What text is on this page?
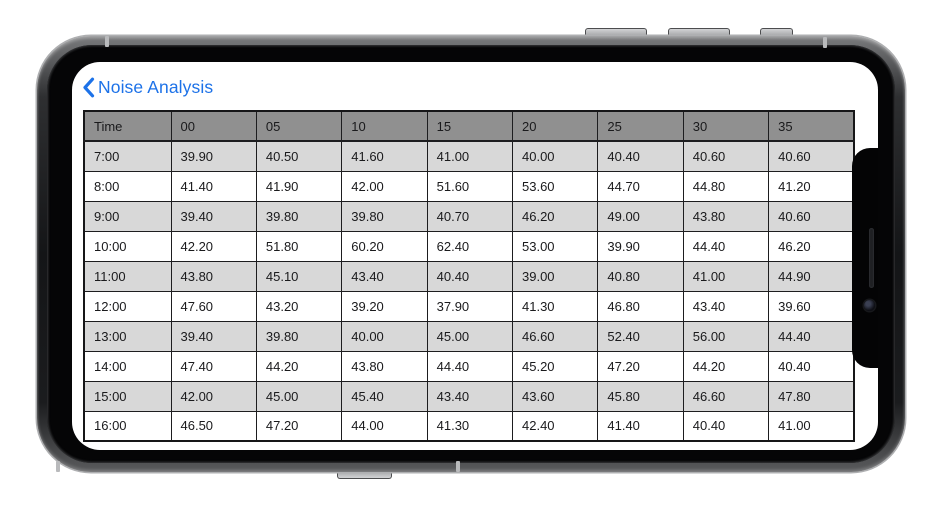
Noise Analysis
Time	00	05	10	15	20	25	30	35
7:00	39.90	40.50	41.60	41.00	40.00	40.40	40.60	40.60
8:00	41.40	41.90	42.00	51.60	53.60	44.70	44.80	41.20
9:00	39.40	39.80	39.80	40.70	46.20	49.00	43.80	40.60
10:00	42.20	51.80	60.20	62.40	53.00	39.90	44.40	46.20
11:00	43.80	45.10	43.40	40.40	39.00	40.80	41.00	44.90
12:00	47.60	43.20	39.20	37.90	41.30	46.80	43.40	39.60
13:00	39.40	39.80	40.00	45.00	46.60	52.40	56.00	44.40
14:00	47.40	44.20	43.80	44.40	45.20	47.20	44.20	40.40
15:00	42.00	45.00	45.40	43.40	43.60	45.80	46.60	47.80
16:00	46.50	47.20	44.00	41.30	42.40	41.40	40.40	41.00
